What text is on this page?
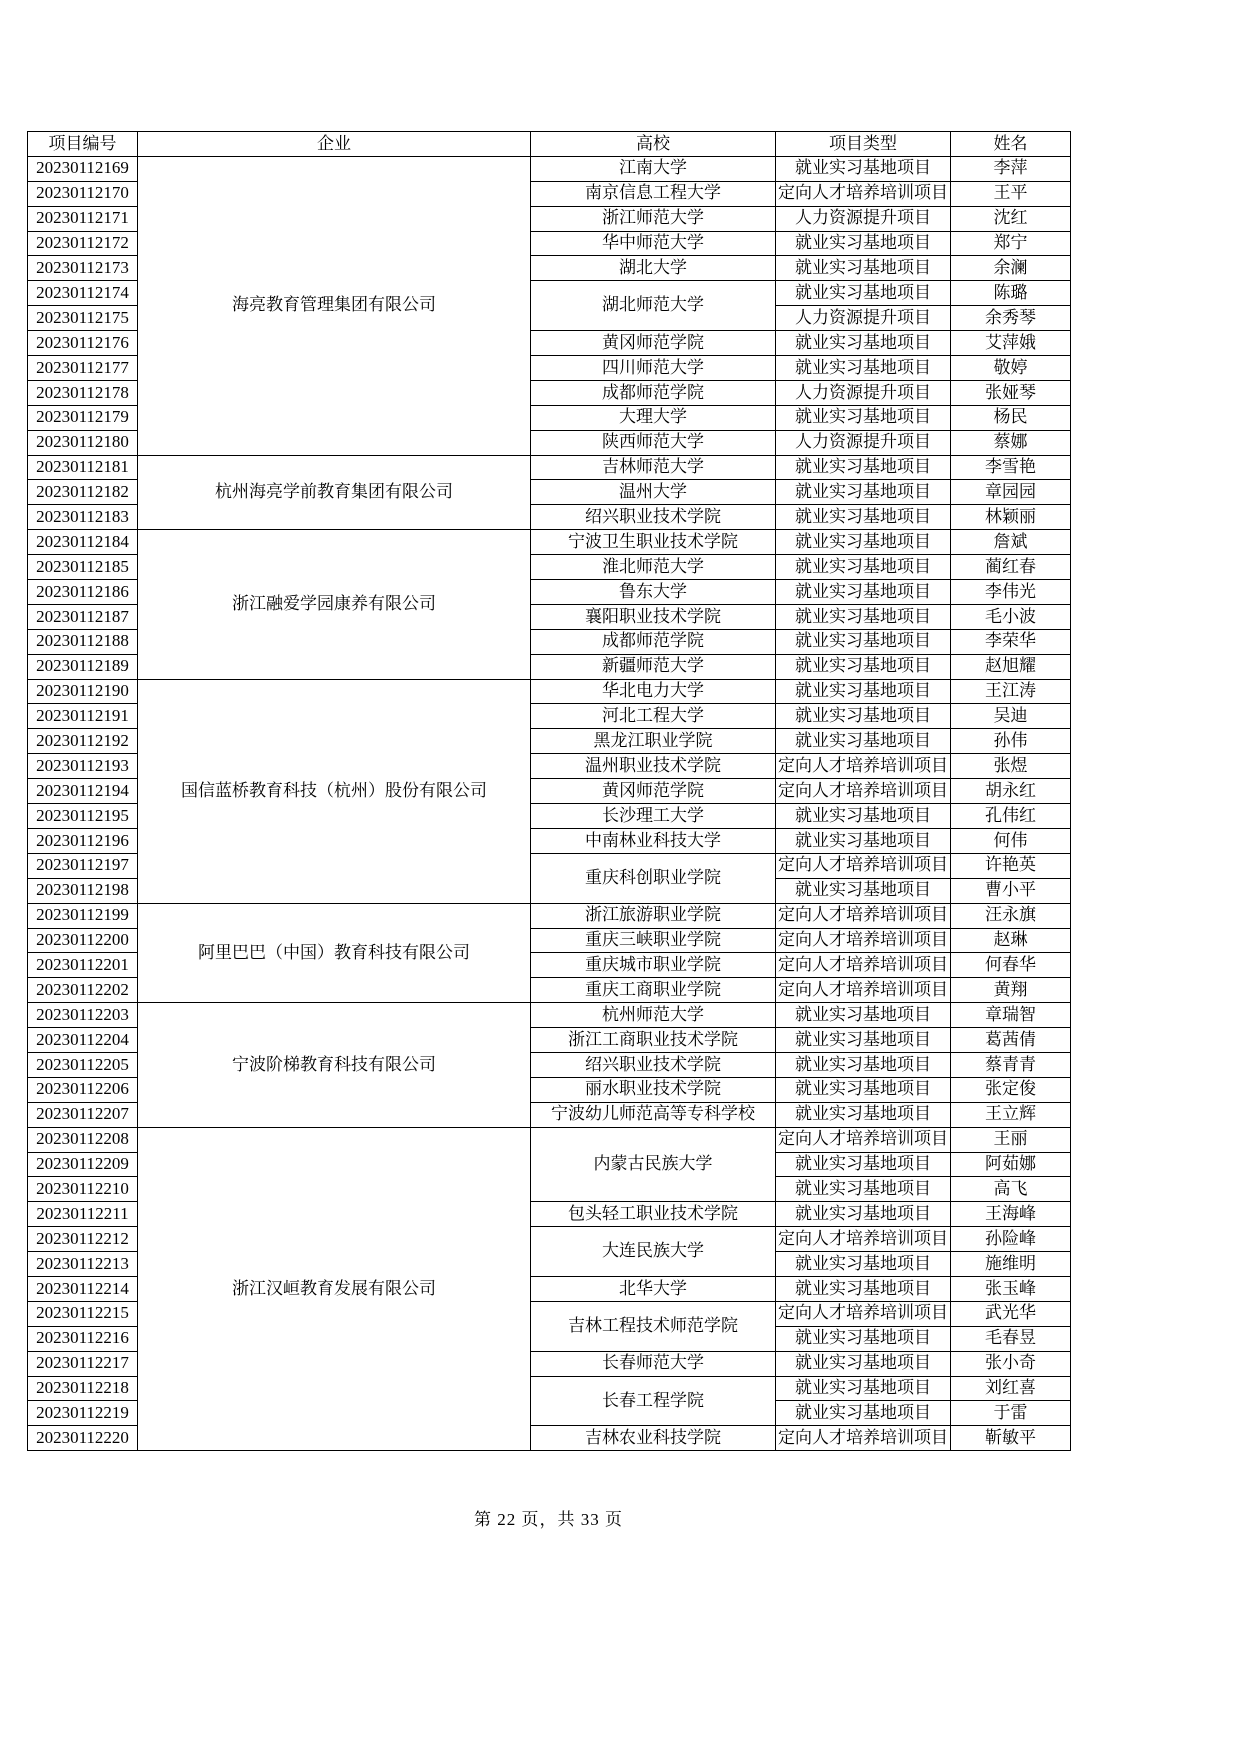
项目编号	企业	高校	项目类型	姓名
20230112169	海亮教育管理集团有限公司	江南大学	就业实习基地项目	李萍
20230112170		南京信息工程大学	定向人才培养培训项目	王平
20230112171		浙江师范大学	人力资源提升项目	沈红
20230112172		华中师范大学	就业实习基地项目	郑宁
20230112173		湖北大学	就业实习基地项目	余澜
20230112174		湖北师范大学	就业实习基地项目	陈璐
20230112175			人力资源提升项目	余秀琴
20230112176		黄冈师范学院	就业实习基地项目	艾萍娥
20230112177		四川师范大学	就业实习基地项目	敬婷
20230112178		成都师范学院	人力资源提升项目	张娅琴
20230112179		大理大学	就业实习基地项目	杨民
20230112180		陕西师范大学	人力资源提升项目	蔡娜
20230112181	杭州海亮学前教育集团有限公司	吉林师范大学	就业实习基地项目	李雪艳
20230112182		温州大学	就业实习基地项目	章园园
20230112183		绍兴职业技术学院	就业实习基地项目	林颖丽
20230112184	浙江融爱学园康养有限公司	宁波卫生职业技术学院	就业实习基地项目	詹斌
20230112185		淮北师范大学	就业实习基地项目	蔺红春
20230112186		鲁东大学	就业实习基地项目	李伟光
20230112187		襄阳职业技术学院	就业实习基地项目	毛小波
20230112188		成都师范学院	就业实习基地项目	李荣华
20230112189		新疆师范大学	就业实习基地项目	赵旭耀
20230112190	国信蓝桥教育科技（杭州）股份有限公司	华北电力大学	就业实习基地项目	王江涛
20230112191		河北工程大学	就业实习基地项目	吴迪
20230112192		黑龙江职业学院	就业实习基地项目	孙伟
20230112193		温州职业技术学院	定向人才培养培训项目	张煜
20230112194		黄冈师范学院	定向人才培养培训项目	胡永红
20230112195		长沙理工大学	就业实习基地项目	孔伟红
20230112196		中南林业科技大学	就业实习基地项目	何伟
20230112197		重庆科创职业学院	定向人才培养培训项目	许艳英
20230112198			就业实习基地项目	曹小平
20230112199	阿里巴巴（中国）教育科技有限公司	浙江旅游职业学院	定向人才培养培训项目	汪永旗
20230112200		重庆三峡职业学院	定向人才培养培训项目	赵琳
20230112201		重庆城市职业学院	定向人才培养培训项目	何春华
20230112202		重庆工商职业学院	定向人才培养培训项目	黄翔
20230112203	宁波阶梯教育科技有限公司	杭州师范大学	就业实习基地项目	章瑞智
20230112204		浙江工商职业技术学院	就业实习基地项目	葛茜倩
20230112205		绍兴职业技术学院	就业实习基地项目	蔡青青
20230112206		丽水职业技术学院	就业实习基地项目	张定俊
20230112207		宁波幼儿师范高等专科学校	就业实习基地项目	王立辉
20230112208	浙江汉峘教育发展有限公司	内蒙古民族大学	定向人才培养培训项目	王丽
20230112209			就业实习基地项目	阿茹娜
20230112210			就业实习基地项目	高飞
20230112211		包头轻工职业技术学院	就业实习基地项目	王海峰
20230112212		大连民族大学	定向人才培养培训项目	孙险峰
20230112213			就业实习基地项目	施维明
20230112214		北华大学	就业实习基地项目	张玉峰
20230112215		吉林工程技术师范学院	定向人才培养培训项目	武光华
20230112216			就业实习基地项目	毛春昱
20230112217		长春师范大学	就业实习基地项目	张小奇
20230112218		长春工程学院	就业实习基地项目	刘红喜
20230112219			就业实习基地项目	于雷
20230112220		吉林农业科技学院	定向人才培养培训项目	靳敏平
第 22 页，共 33 页
